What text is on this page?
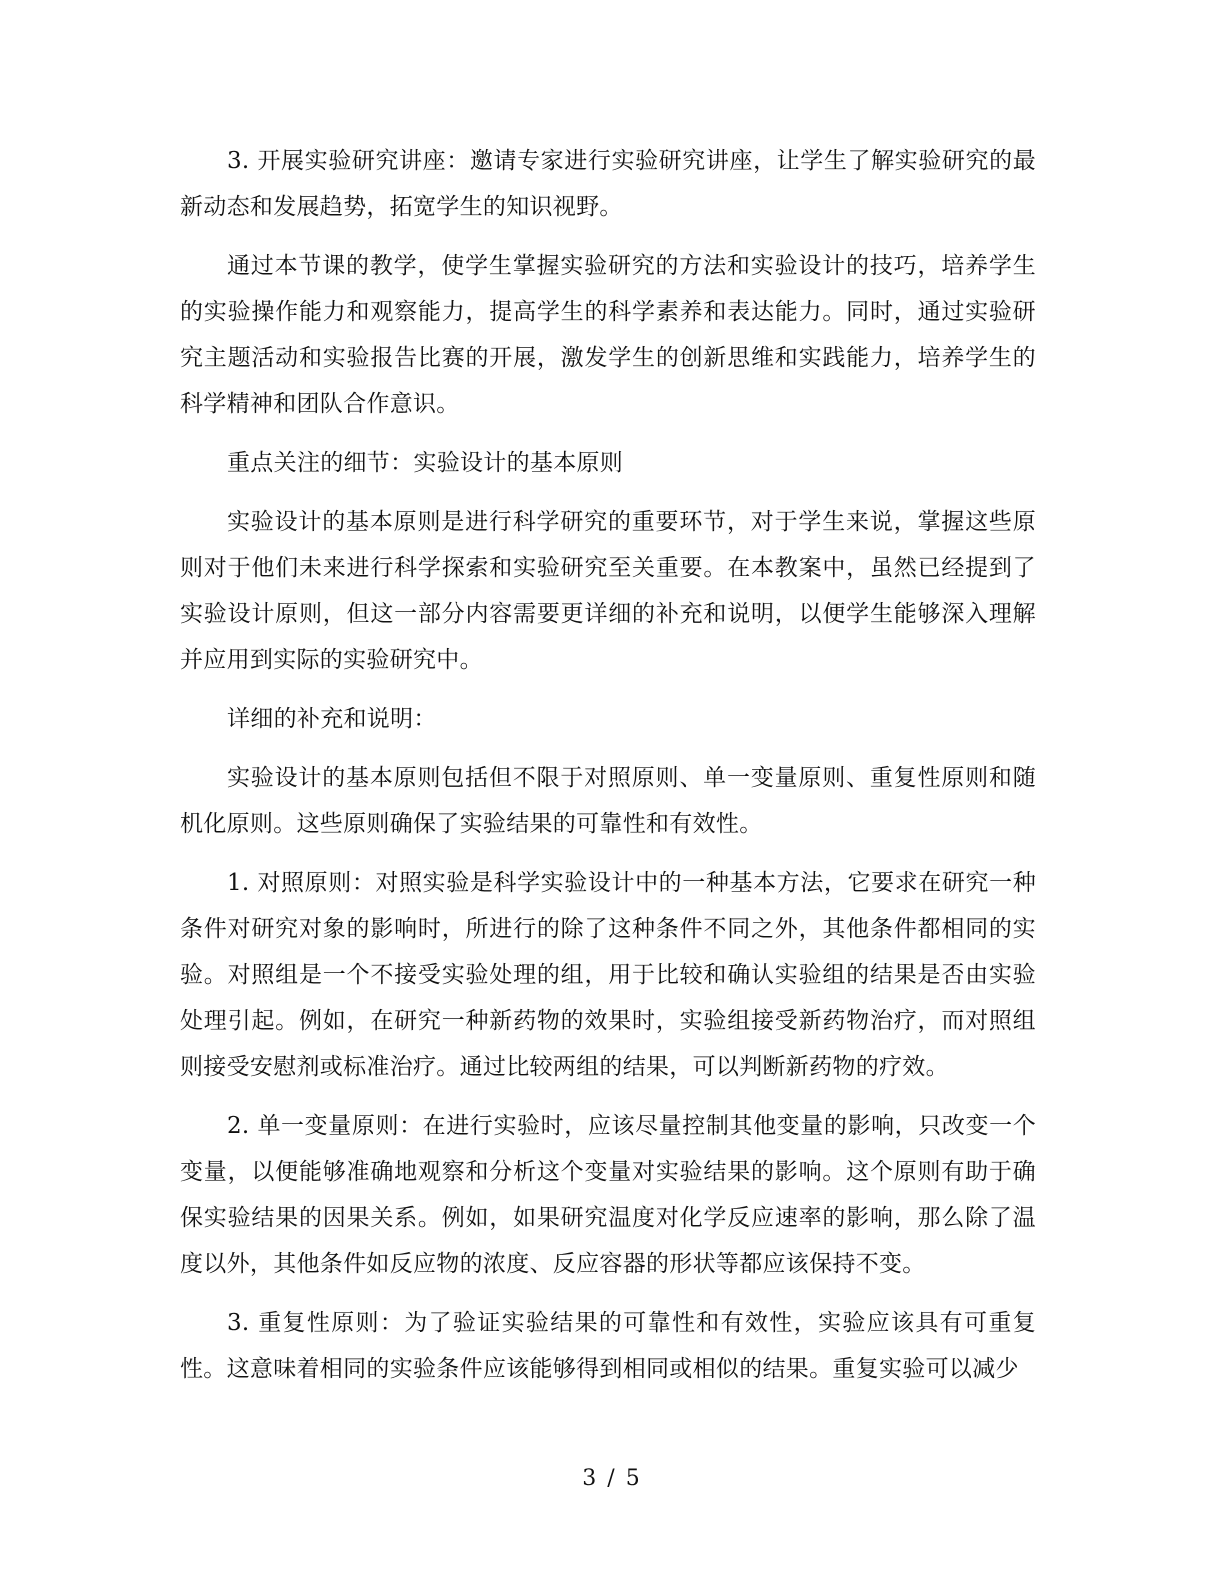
3. 开展实验研究讲座：邀请专家进行实验研究讲座，让学生了解实验研究的最新动态和发展趋势，拓宽学生的知识视野。

通过本节课的教学，使学生掌握实验研究的方法和实验设计的技巧，培养学生的实验操作能力和观察能力，提高学生的科学素养和表达能力。同时，通过实验研究主题活动和实验报告比赛的开展，激发学生的创新思维和实践能力，培养学生的科学精神和团队合作意识。

重点关注的细节：实验设计的基本原则

实验设计的基本原则是进行科学研究的重要环节，对于学生来说，掌握这些原则对于他们未来进行科学探索和实验研究至关重要。在本教案中，虽然已经提到了实验设计原则，但这一部分内容需要更详细的补充和说明，以便学生能够深入理解并应用到实际的实验研究中。

详细的补充和说明：

实验设计的基本原则包括但不限于对照原则、单一变量原则、重复性原则和随机化原则。这些原则确保了实验结果的可靠性和有效性。

1. 对照原则：对照实验是科学实验设计中的一种基本方法，它要求在研究一种条件对研究对象的影响时，所进行的除了这种条件不同之外，其他条件都相同的实验。对照组是一个不接受实验处理的组，用于比较和确认实验组的结果是否由实验处理引起。例如，在研究一种新药物的效果时，实验组接受新药物治疗，而对照组则接受安慰剂或标准治疗。通过比较两组的结果，可以判断新药物的疗效。

2. 单一变量原则：在进行实验时，应该尽量控制其他变量的影响，只改变一个变量，以便能够准确地观察和分析这个变量对实验结果的影响。这个原则有助于确保实验结果的因果关系。例如，如果研究温度对化学反应速率的影响，那么除了温度以外，其他条件如反应物的浓度、反应容器的形状等都应该保持不变。

3. 重复性原则：为了验证实验结果的可靠性和有效性，实验应该具有可重复性。这意味着相同的实验条件应该能够得到相同或相似的结果。重复实验可以减少

3 / 5
